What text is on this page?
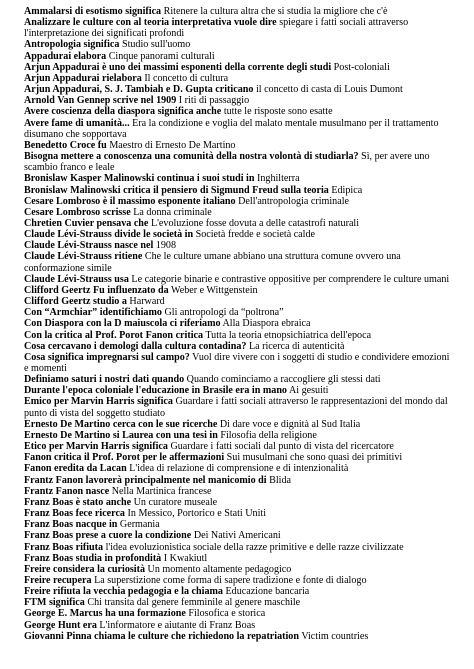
Ammalarsi di esotismo significa Ritenere la cultura altra che si studia la migliore che c'è

Analizzare le culture con al teoria interpretativa vuole dire spiegare i fatti sociali attraverso l'interpretazione dei significati profondi

Antropologia significa Studio sull'uomo

Appadurai elabora Cinque panorami culturali

Arjun Appadurai è uno dei massimi esponenti della corrente degli studi Post-coloniali

Arjun Appadurai rielabora Il concetto di cultura

Arjun Appadurai, S. J. Tambiah e D. Gupta criticano il concetto di casta di Louis Dumont

Arnold Van Gennep scrive nel 1909 I riti di passaggio

Avere coscienza della diaspora significa anche tutte le risposte sono esatte

Avere fame di umanità... Era la condizione e voglia del malato mentale musulmano per il trattamento disumano che sopportava

Benedetto Croce fu Maestro di Ernesto De Martino

Bisogna mettere a conoscenza una comunità della nostra volontà di studiarla? Sì, per avere uno scambio franco e leale

Bronislaw Kasper Malinowski continua i suoi studi in Inghilterra

Bronislaw Malinowski critica il pensiero di Sigmund Freud sulla teoria Edipica

Cesare Lombroso è il massimo esponente italiano Dell'antropologia criminale

Cesare Lombroso scrisse La donna criminale

Chretien Cuvier pensava che L'evoluzione fosse dovuta a delle catastrofi naturali

Claude Lévi-Strauss divide le società in Società fredde e società calde

Claude Lévi-Strauss nasce nel 1908

Claude Lévi-Strauss ritiene Che le culture umane abbiano una struttura comune ovvero una conformazione simile

Claude Lévi-Strauss usa Le categorie binarie e contrastive oppositive per comprendere le culture umani

Clifford Geertz Fu influenzato da Weber e Wittgenstein

Clifford Geertz studio a Harward

Con “Armchiar” identifichiamo Gli antropologi da “poltrona”

Con Diaspora con la D maiuscola ci riferiamo Alla Diaspora ebraica

Con la critica al Prof. Porot Fanon critica Tutta la teoria etnopsichiatrica dell'epoca

Cosa cercavano i demologi dalla cultura contadina? La ricerca di autenticità

Cosa significa impregnarsi sul campo? Vuol dire vivere con i soggetti di studio e condividere emozioni e momenti

Definiamo saturi i nostri dati quando Quando cominciamo a raccogliere gli stessi dati

Durante l'epoca coloniale l'educazione in Brasile era in mano Ai gesuiti

Emico per Marvin Harris significa Guardare i fatti sociali attraverso le rappresentazioni del mondo dal punto di vista del soggetto studiato

Ernesto De Martino cerca con le sue ricerche Di dare voce e dignità al Sud Italia

Ernesto De Martino si Laurea con una tesi in Filosofia della religione

Etico per Marvin Harris significa Guardare i fatti sociali dal punto di vista del ricercatore

Fanon critica il Prof. Porot per le affermazioni Sui musulmani che sono quasi dei primitivi

Fanon eredita da Lacan L'idea di relazione di comprensione e di intenzionalità

Frantz Fanon lavorerà principalmente nel manicomio di Blida

Frantz Fanon nasce Nella Martinica francese

Franz Boas è stato anche Un curatore museale

Franz Boas fece ricerca In Messico, Portorico e Stati Uniti

Franz Boas nacque in Germania

Franz Boas prese a cuore la condizione Dei Nativi Americani

Franz Boas rifiuta l'idea evoluzionistica sociale della razze primitive e delle razze civilizzate

Franz Boas studia in profondità I Kwakiutl

Freire considera la curiosità Un momento altamente pedagogico

Freire recupera La superstizione come forma di sapere tradizione e fonte di dialogo

Freire rifiuta la vecchia pedagogia e la chiama Educazione bancaria

FTM significa Chi transita dal genere femminile al genere maschile

George E. Marcus ha una formazione Filosofica e storica

George Hunt era L'informatore e aiutante di Franz Boas

Giovanni Pinna chiama le culture che richiedono la repatriation Victim countries
